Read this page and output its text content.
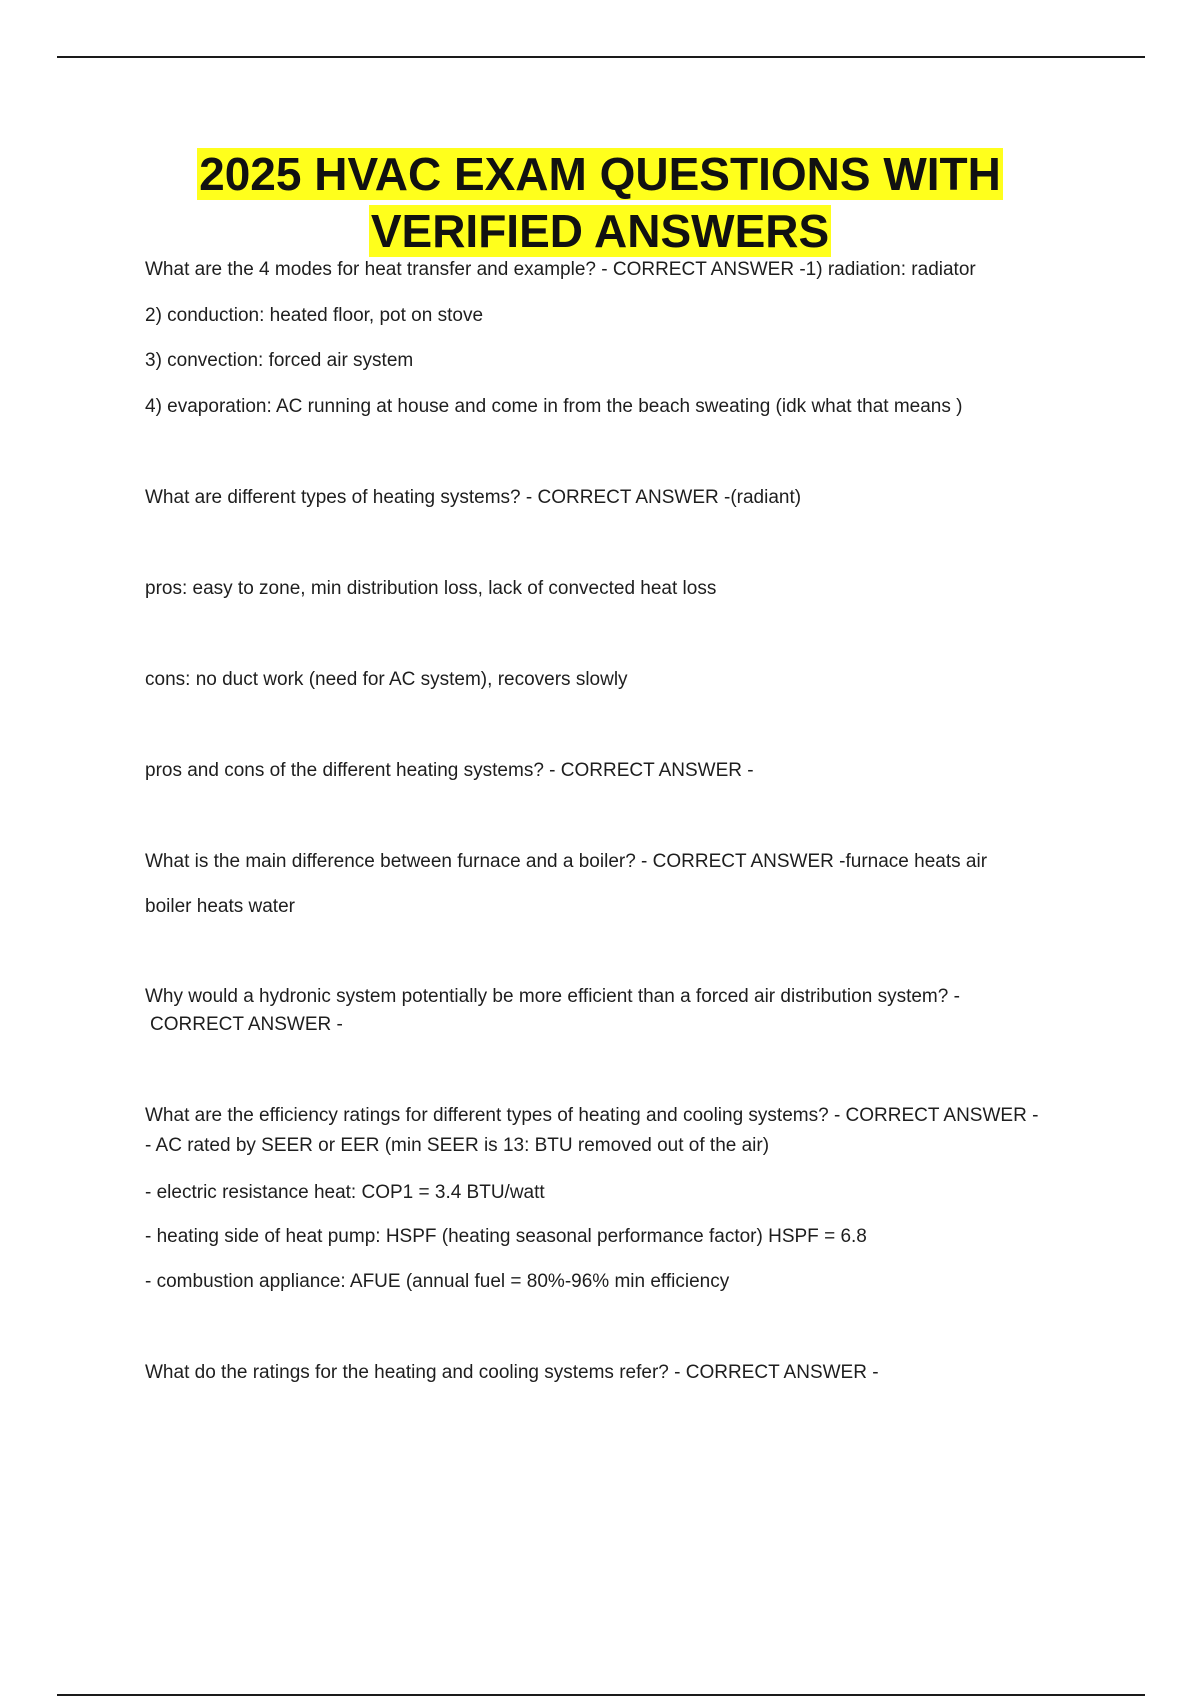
2025 HVAC EXAM QUESTIONS WITH
VERIFIED ANSWERS
What are the 4 modes for heat transfer and example? - CORRECT ANSWER -1) radiation: radiator
2) conduction: heated floor, pot on stove
3) convection: forced air system
4) evaporation: AC running at house and come in from the beach sweating (idk what that means )
What are different types of heating systems? - CORRECT ANSWER -(radiant)
pros: easy to zone, min distribution loss, lack of convected heat loss
cons: no duct work (need for AC system), recovers slowly
pros and cons of the different heating systems? - CORRECT ANSWER -
What is the main difference between furnace and a boiler? - CORRECT ANSWER -furnace heats air
boiler heats water
Why would a hydronic system potentially be more efficient than a forced air distribution system? -
CORRECT ANSWER -
What are the efficiency ratings for different types of heating and cooling systems? - CORRECT ANSWER -
- AC rated by SEER or EER (min SEER is 13: BTU removed out of the air)
- electric resistance heat: COP1 = 3.4 BTU/watt
- heating side of heat pump: HSPF (heating seasonal performance factor) HSPF = 6.8
- combustion appliance: AFUE (annual fuel = 80%-96% min efficiency
What do the ratings for the heating and cooling systems refer? - CORRECT ANSWER -
